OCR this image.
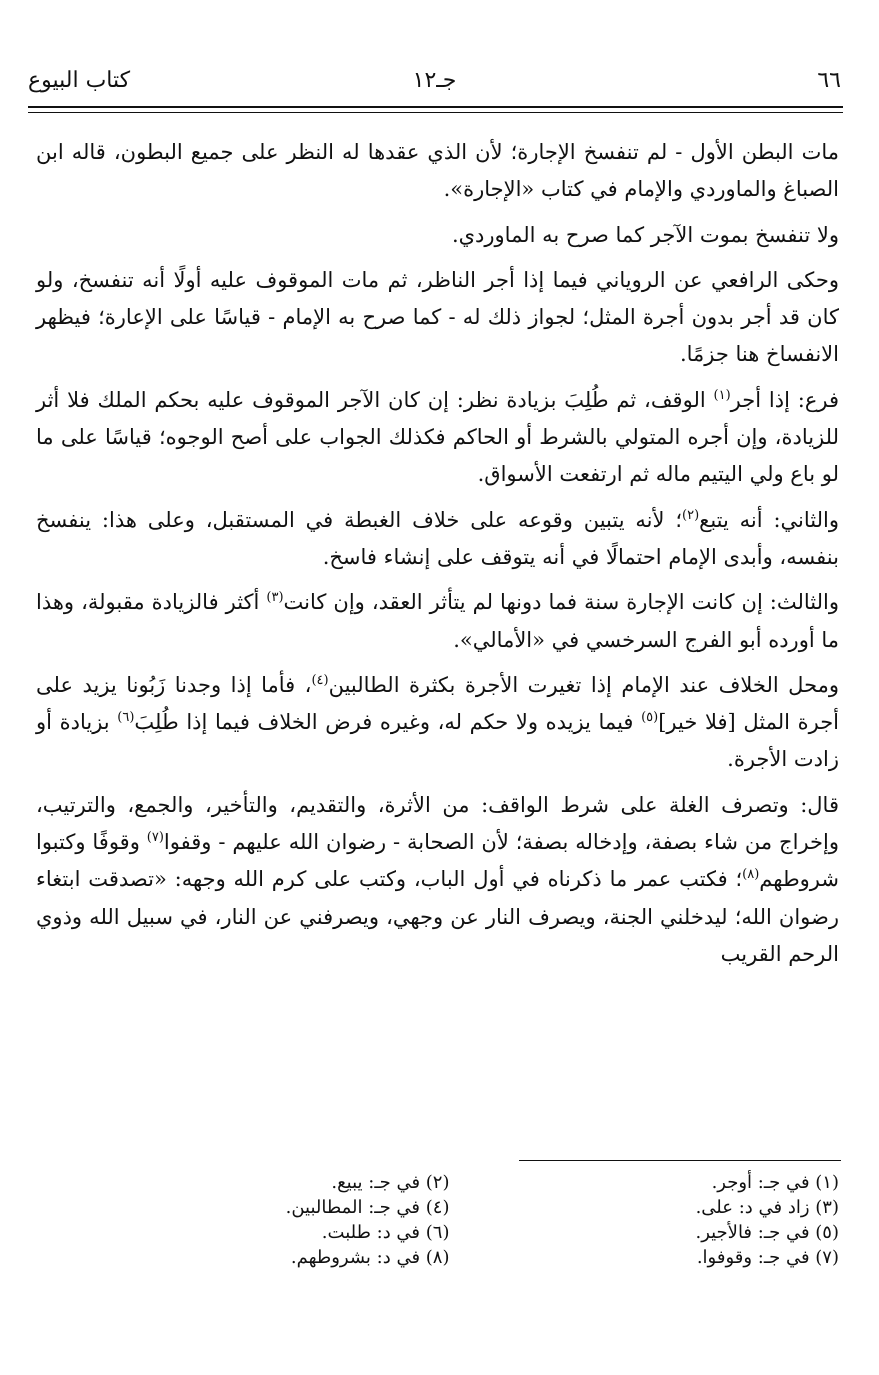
٦٦
جـ١٢
كتاب البيوع

مات البطن الأول - لم تنفسخ الإجارة؛ لأن الذي عقدها له النظر على جميع البطون، قاله ابن الصباغ والماوردي والإمام في كتاب «الإجارة».

ولا تنفسخ بموت الآجر كما صرح به الماوردي.

وحكى الرافعي عن الروياني فيما إذا أجر الناظر، ثم مات الموقوف عليه أولًا أنه تنفسخ، ولو كان قد أجر بدون أجرة المثل؛ لجواز ذلك له - كما صرح به الإمام - قياسًا على الإعارة؛ فيظهر الانفساخ هنا جزمًا.

فرع: إذا أجر$^{(١)}$ الوقف، ثم طُلِبَ بزيادة نظر: إن كان الآجر الموقوف عليه بحكم الملك فلا أثر للزيادة، وإن أجره المتولي بالشرط أو الحاكم فكذلك الجواب على أصح الوجوه؛ قياسًا على ما لو باع ولي اليتيم ماله ثم ارتفعت الأسواق.

والثاني: أنه يتبع$^{(٢)}$؛ لأنه يتبين وقوعه على خلاف الغبطة في المستقبل، وعلى هذا: ينفسخ بنفسه، وأبدى الإمام احتمالًا في أنه يتوقف على إنشاء فاسخ.

والثالث: إن كانت الإجارة سنة فما دونها لم يتأثر العقد، وإن كانت$^{(٣)}$ أكثر فالزيادة مقبولة، وهذا ما أورده أبو الفرج السرخسي في «الأمالي».

ومحل الخلاف عند الإمام إذا تغيرت الأجرة بكثرة الطالبين$^{(٤)}$، فأما إذا وجدنا زَبُونا يزيد على أجرة المثل [فلا خير]$^{(٥)}$ فيما يزيده ولا حكم له، وغيره فرض الخلاف فيما إذا طُلِبَ$^{(٦)}$ بزيادة أو زادت الأجرة.

قال: وتصرف الغلة على شرط الواقف: من الأثرة، والتقديم، والتأخير، والجمع، والترتيب، وإخراج من شاء بصفة، وإدخاله بصفة؛ لأن الصحابة - رضوان الله عليهم - وقفوا$^{(٧)}$ وقوفًا وكتبوا شروطهم$^{(٨)}$؛ فكتب عمر ما ذكرناه في أول الباب، وكتب على كرم الله وجهه: «تصدقت ابتغاء رضوان الله؛ ليدخلني الجنة، ويصرف النار عن وجهي، ويصرفني عن النار، في سبيل الله وذوي الرحم القريب

(١) في جـ: أوجر.
(٢) في جـ: يبيع.
(٣) زاد في د: على.
(٤) في جـ: المطالبين.
(٥) في جـ: فالأجير.
(٦) في د: طلبت.
(٧) في جـ: وقوفوا.
(٨) في د: بشروطهم.
